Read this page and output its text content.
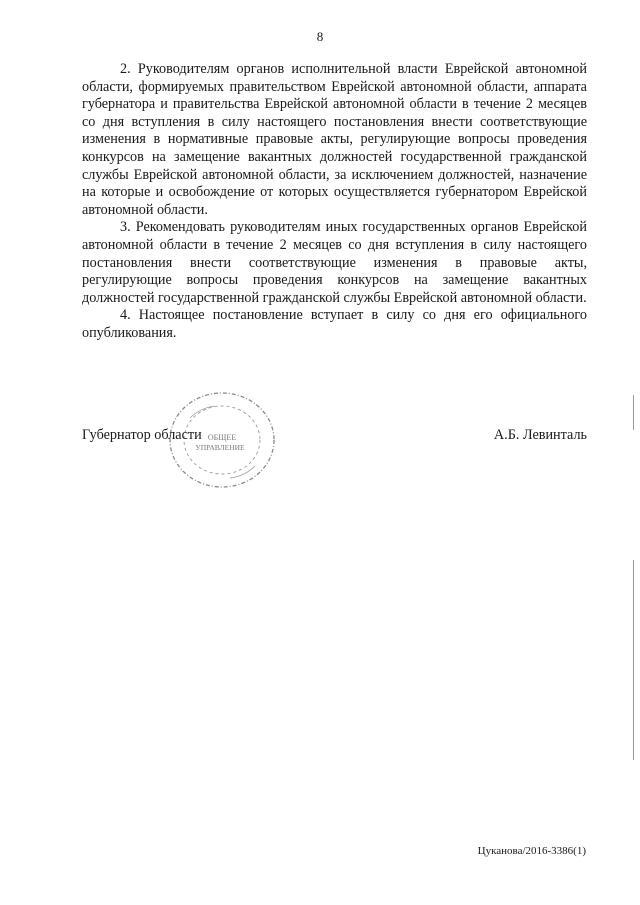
8

2. Руководителям органов исполнительной власти Еврейской автономной области, формируемых правительством Еврейской автономной области, аппарата губернатора и правительства Еврейской автономной области в течение 2 месяцев со дня вступления в силу настоящего постановления внести соответствующие изменения в нормативные правовые акты, регулирующие вопросы проведения конкурсов на замещение вакантных должностей государственной гражданской службы Еврейской автономной области, за исключением должностей, назначение на которые и освобождение от которых осуществляется губернатором Еврейской автономной области.

3. Рекомендовать руководителям иных государственных органов Еврейской автономной области в течение 2 месяцев со дня вступления в силу настоящего постановления внести соответствующие изменения в правовые акты, регулирующие вопросы проведения конкурсов на замещение вакантных должностей государственной гражданской службы Еврейской автономной области.

4. Настоящее постановление вступает в силу со дня его официального опубликования.

ОБЩЕЕ
УПРАВЛЕНИЕ
Губернатор области	А.Б. Левинталь
Цуканова/2016-3386(1)
